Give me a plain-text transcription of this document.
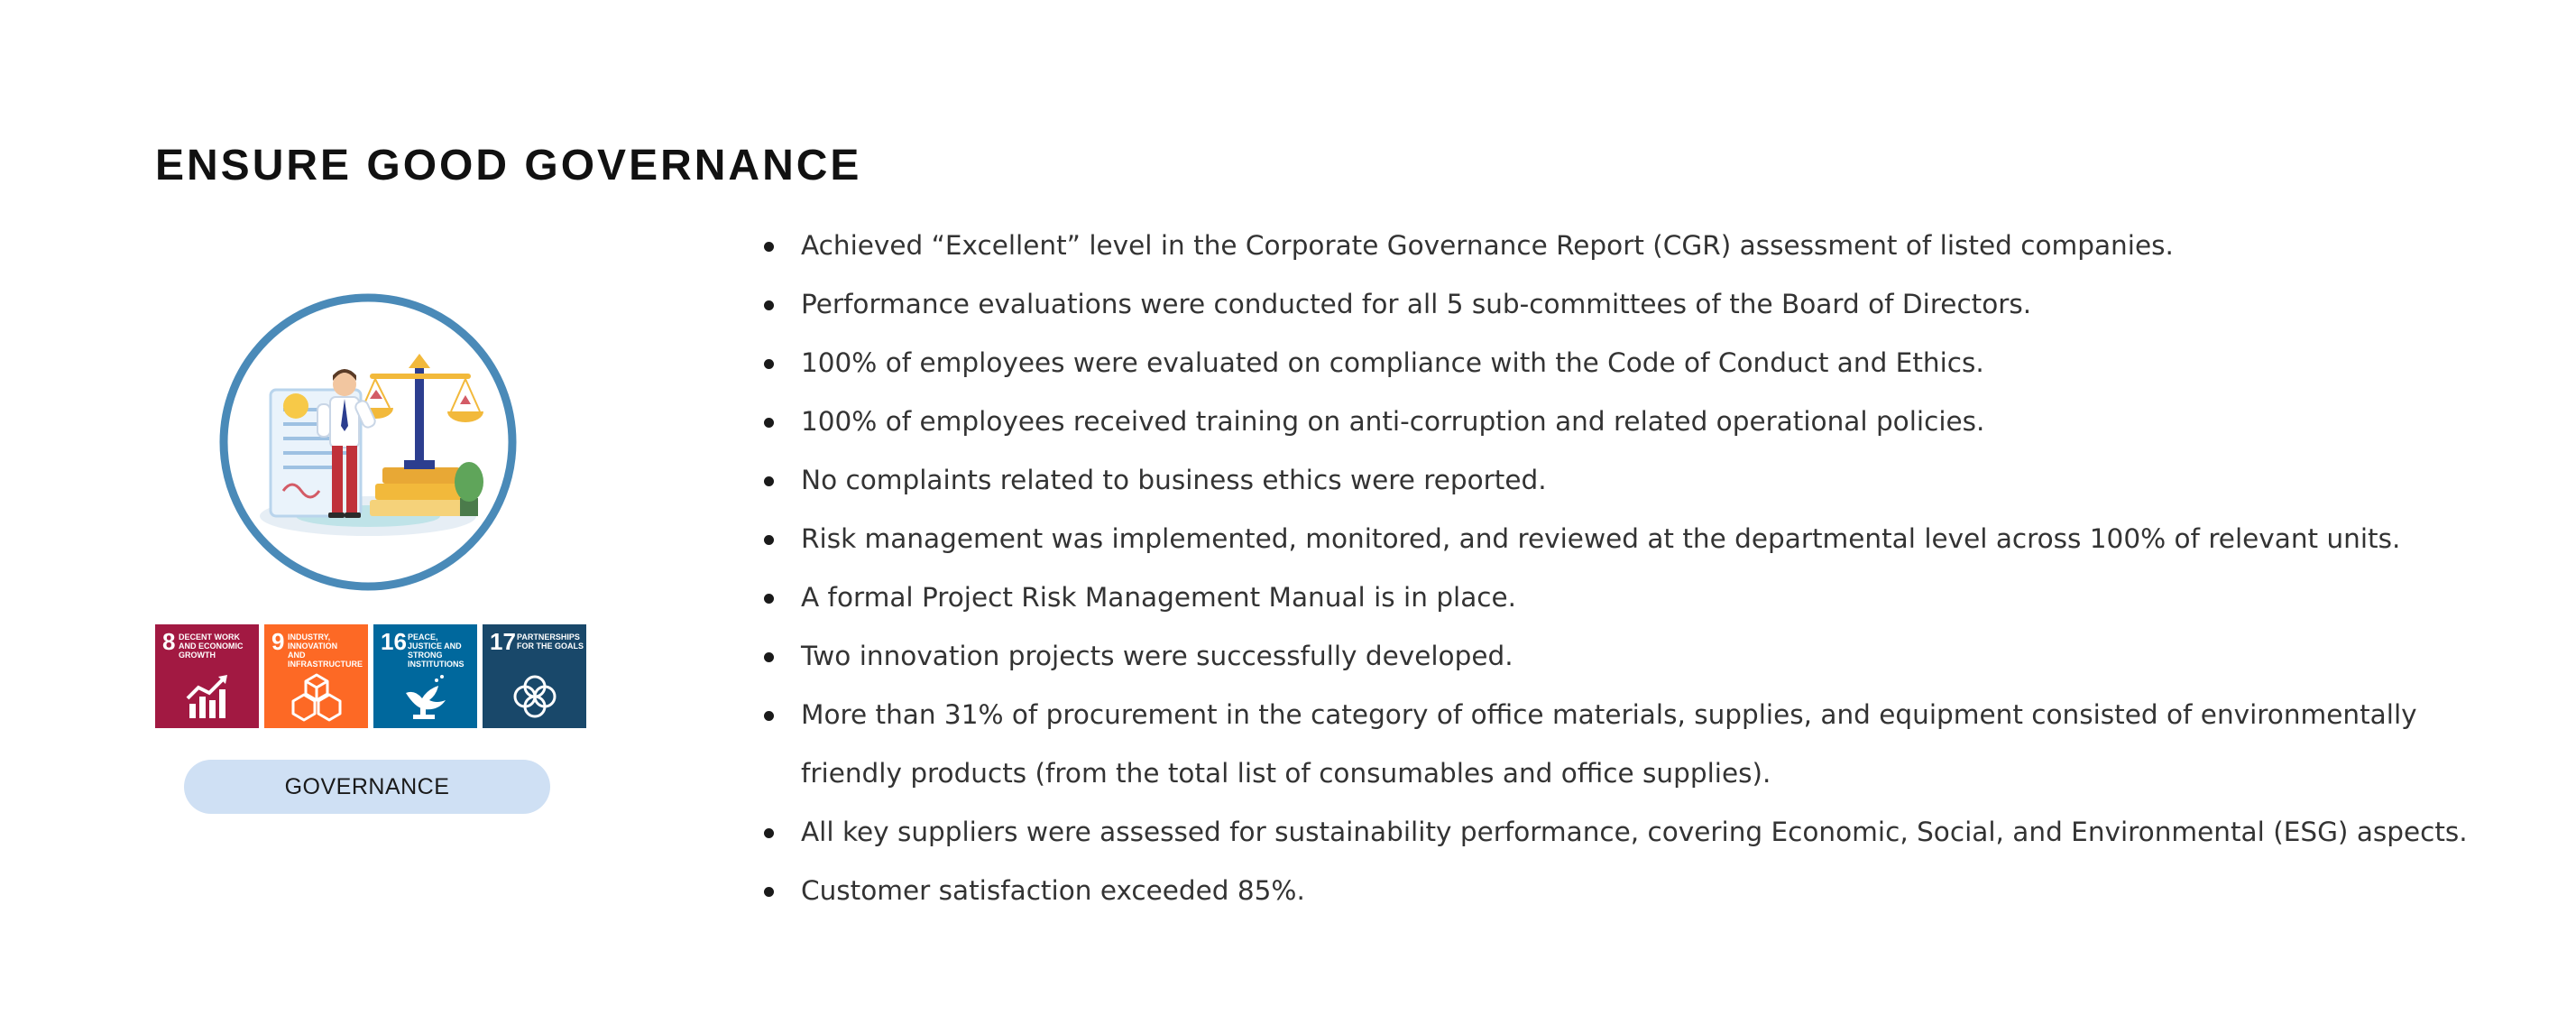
ENSURE GOOD GOVERNANCE
8 DECENT WORK AND ECONOMIC GROWTH	9 INDUSTRY, INNOVATION AND INFRASTRUCTURE
16 PEACE, JUSTICE AND STRONG INSTITUTIONS
17 PARTNERSHIPS FOR THE GOALS
GOVERNANCE
Achieved “Excellent” level in the Corporate Governance Report (CGR) assessment of listed companies.
Performance evaluations were conducted for all 5 sub-committees of the Board of Directors.
100% of employees were evaluated on compliance with the Code of Conduct and Ethics.
100% of employees received training on anti-corruption and related operational policies.
No complaints related to business ethics were reported.
Risk management was implemented, monitored, and reviewed at the departmental level across 100% of relevant units.
A formal Project Risk Management Manual is in place.
Two innovation projects were successfully developed.
More than 31% of procurement in the category of office materials, supplies, and equipment consisted of environmentally
friendly products (from the total list of consumables and office supplies).
All key suppliers were assessed for sustainability performance, covering Economic, Social, and Environmental (ESG) aspects.
Customer satisfaction exceeded 85%.
